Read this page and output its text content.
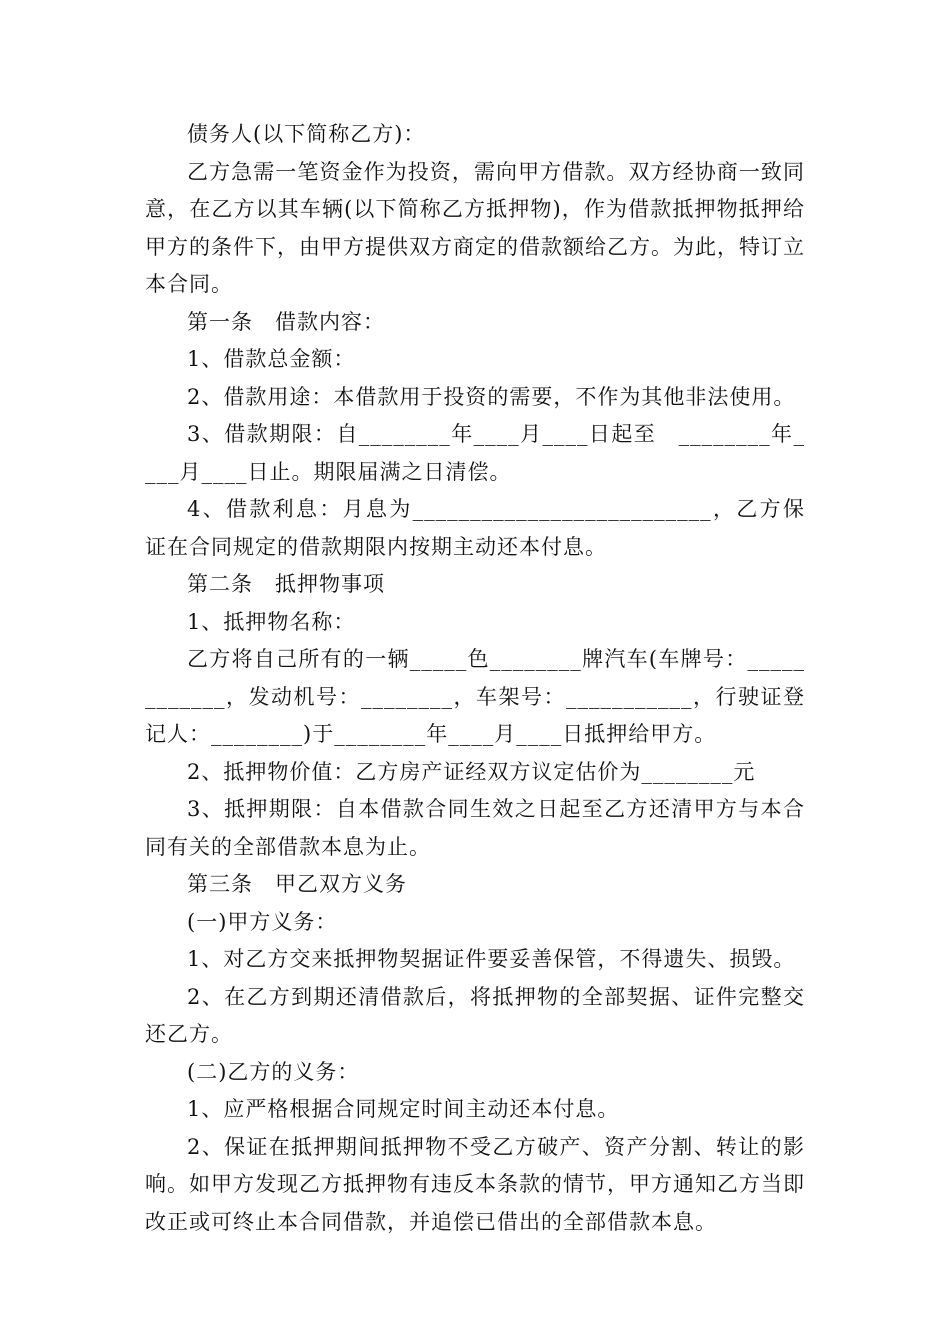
债务人(以下简称乙方)：

乙方急需一笔资金作为投资，需向甲方借款。双方经协商一致同意，在乙方以其车辆(以下简称乙方抵押物)，作为借款抵押物抵押给甲方的条件下，由甲方提供双方商定的借款额给乙方。为此，特订立本合同。

第一条　借款内容：

1、借款总金额：

2、借款用途：本借款用于投资的需要，不作为其他非法使用。

3、借款期限：自________年____月____日起至　________年____月____日止。期限届满之日清偿。

4、借款利息：月息为__________________________，乙方保证在合同规定的借款期限内按期主动还本付息。

第二条　抵押物事项

1、抵押物名称：

乙方将自己所有的一辆_____色________牌汽车(车牌号：____________，发动机号：________，车架号：___________，行驶证登记人：________)于________年____月____日抵押给甲方。

2、抵押物价值：乙方房产证经双方议定估价为________元

3、抵押期限：自本借款合同生效之日起至乙方还清甲方与本合同有关的全部借款本息为止。

第三条　甲乙双方义务

(一)甲方义务：

1、对乙方交来抵押物契据证件要妥善保管，不得遗失、损毁。

2、在乙方到期还清借款后，将抵押物的全部契据、证件完整交还乙方。

(二)乙方的义务：

1、应严格根据合同规定时间主动还本付息。

2、保证在抵押期间抵押物不受乙方破产、资产分割、转让的影响。如甲方发现乙方抵押物有违反本条款的情节，甲方通知乙方当即改正或可终止本合同借款，并追偿已借出的全部借款本息。
